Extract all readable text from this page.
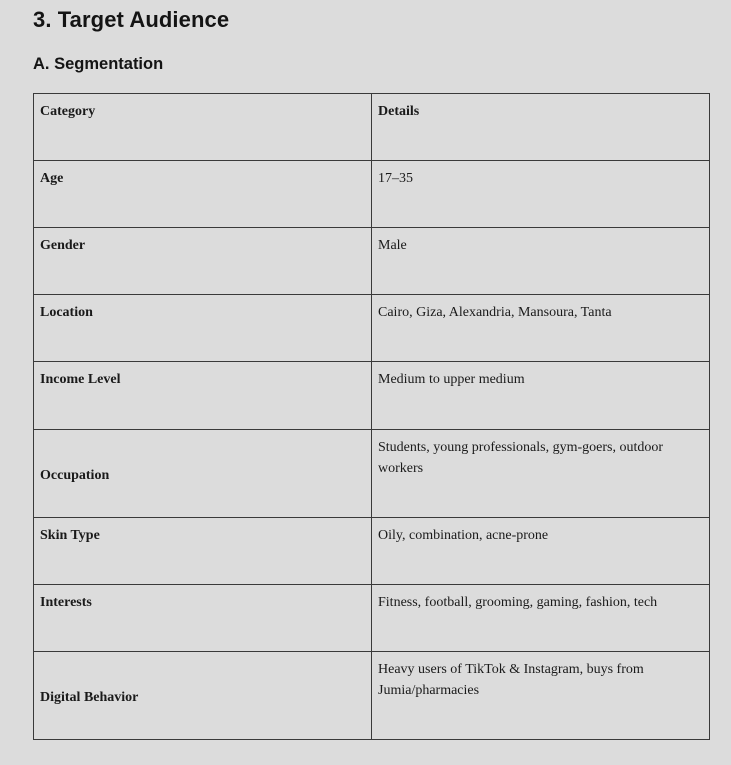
3. Target Audience
A. Segmentation
Category	Details
Age	17–35
Gender	Male
Location	Cairo, Giza, Alexandria, Mansoura, Tanta
Income Level	Medium to upper medium
Occupation	Students, young professionals, gym-goers, outdoor workers
Skin Type	Oily, combination, acne-prone
Interests	Fitness, football, grooming, gaming, fashion, tech
Digital Behavior	Heavy users of TikTok & Instagram, buys from Jumia/pharmacies
